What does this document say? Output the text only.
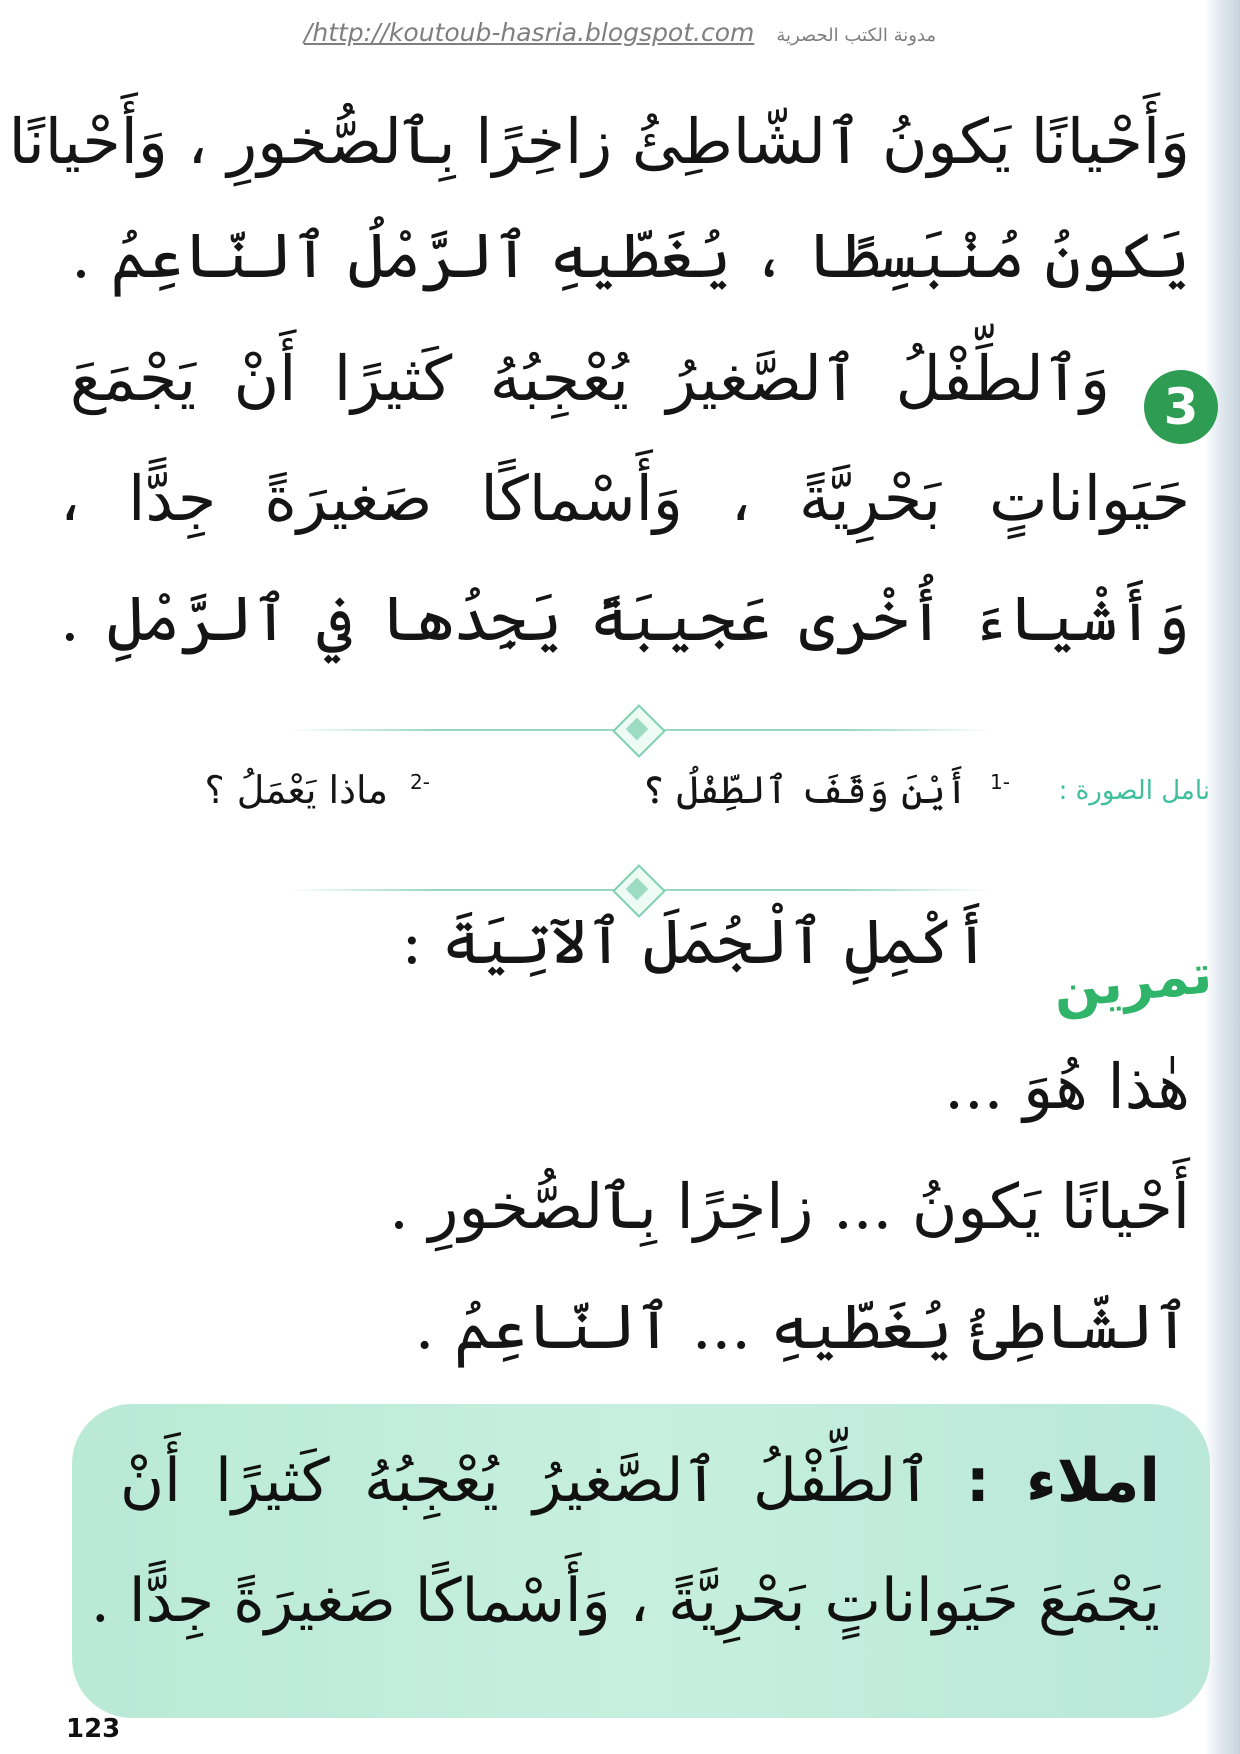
/http://koutoub-hasria.blogspot.com مدونة الكتب الحصرية
وَأَحْيانًا يَكونُ ٱلشّاطِئُ زاخِرًا بِٱلصُّخورِ ، وَأَحْيانًا
يَكونُ مُنْبَسِطًا ، يُغَطّيهِ ٱلرَّمْلُ ٱلنّاعِمُ .
3
وَٱلطِّفْلُ ٱلصَّغيرُ يُعْجِبُهُ كَثيرًا أَنْ يَجْمَعَ
حَيَواناتٍ بَحْرِيَّةً ، وَأَسْماكًا صَغيرَةً جِدًّا ،
وَأَشْياءَ أُخْرى عَجيبَةً يَجِدُها في ٱلرَّمْلِ .
نامل الصورة :
$^{-1}$ أَيْنَ وَقَفَ ٱلطِّفْلُ ؟
$^{-2}$ ماذا يَعْمَلُ ؟
تمرين
أَكْمِلِ ٱلْجُمَلَ ٱلآتِيَةَ :
هٰذا هُوَ ...
أَحْيانًا يَكونُ ... زاخِرًا بِٱلصُّخورِ .
ٱلشّاطِئُ يُغَطّيهِ ... ٱلنّاعِمُ .
املاء : ٱلطِّفْلُ ٱلصَّغيرُ يُعْجِبُهُ كَثيرًا أَنْ
يَجْمَعَ حَيَواناتٍ بَحْرِيَّةً ، وَأَسْماكًا صَغيرَةً جِدًّا .
123
